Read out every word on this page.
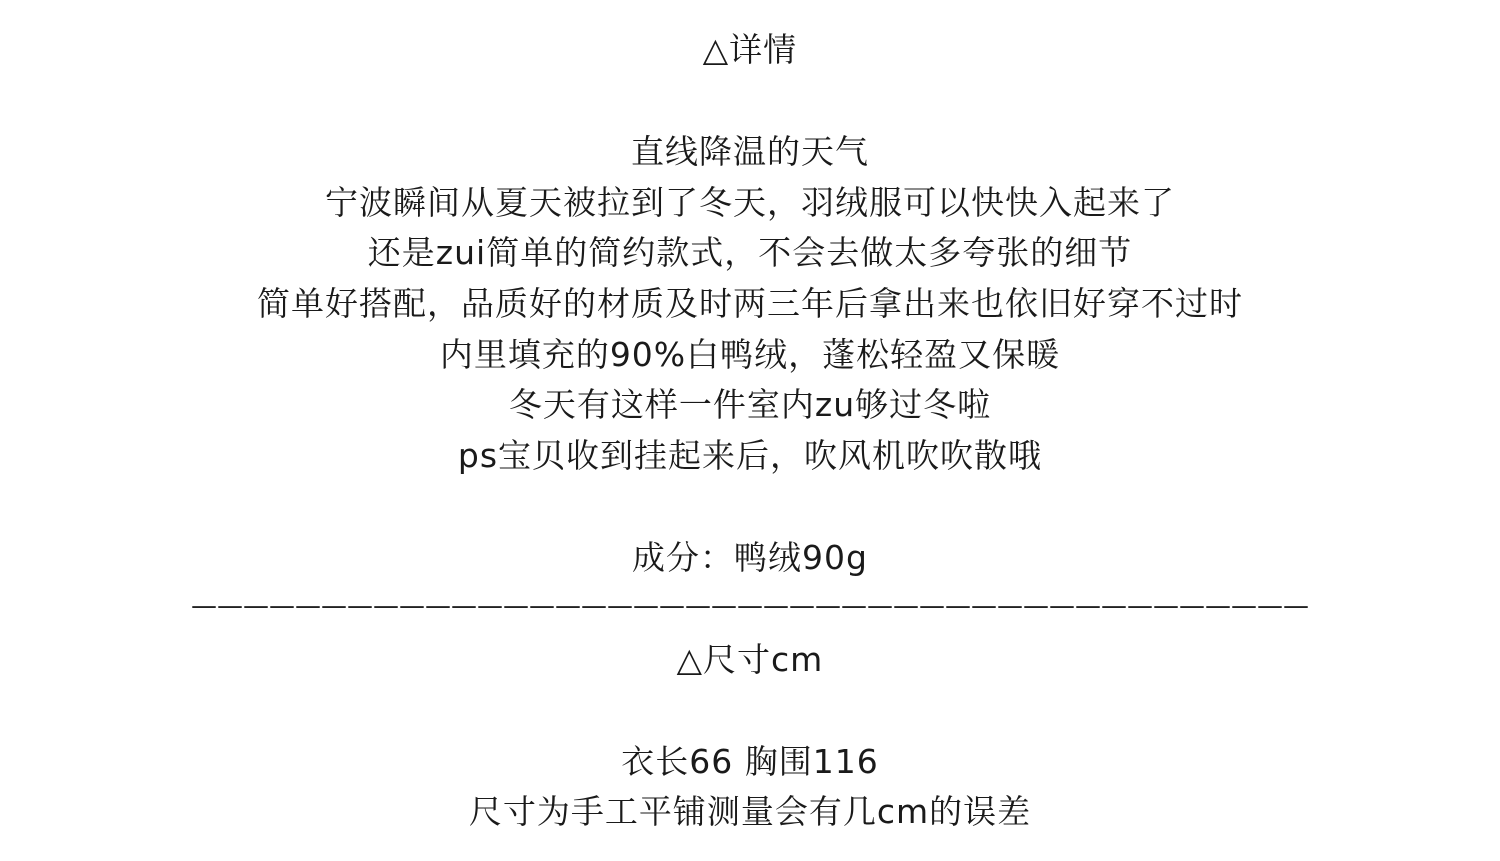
△详情
直线降温的天气
宁波瞬间从夏天被拉到了冬天，羽绒服可以快快入起来了
还是zui简单的简约款式，不会去做太多夸张的细节
简单好搭配，品质好的材质及时两三年后拿出来也依旧好穿不过时
内里填充的90%白鸭绒，蓬松轻盈又保暖
冬天有这样一件室内zu够过冬啦
ps宝贝收到挂起来后，吹风机吹吹散哦
成分：鸭绒90g
———————————————————————————————————————————
△尺寸cm
衣长66 胸围116
尺寸为手工平铺测量会有几cm的误差
